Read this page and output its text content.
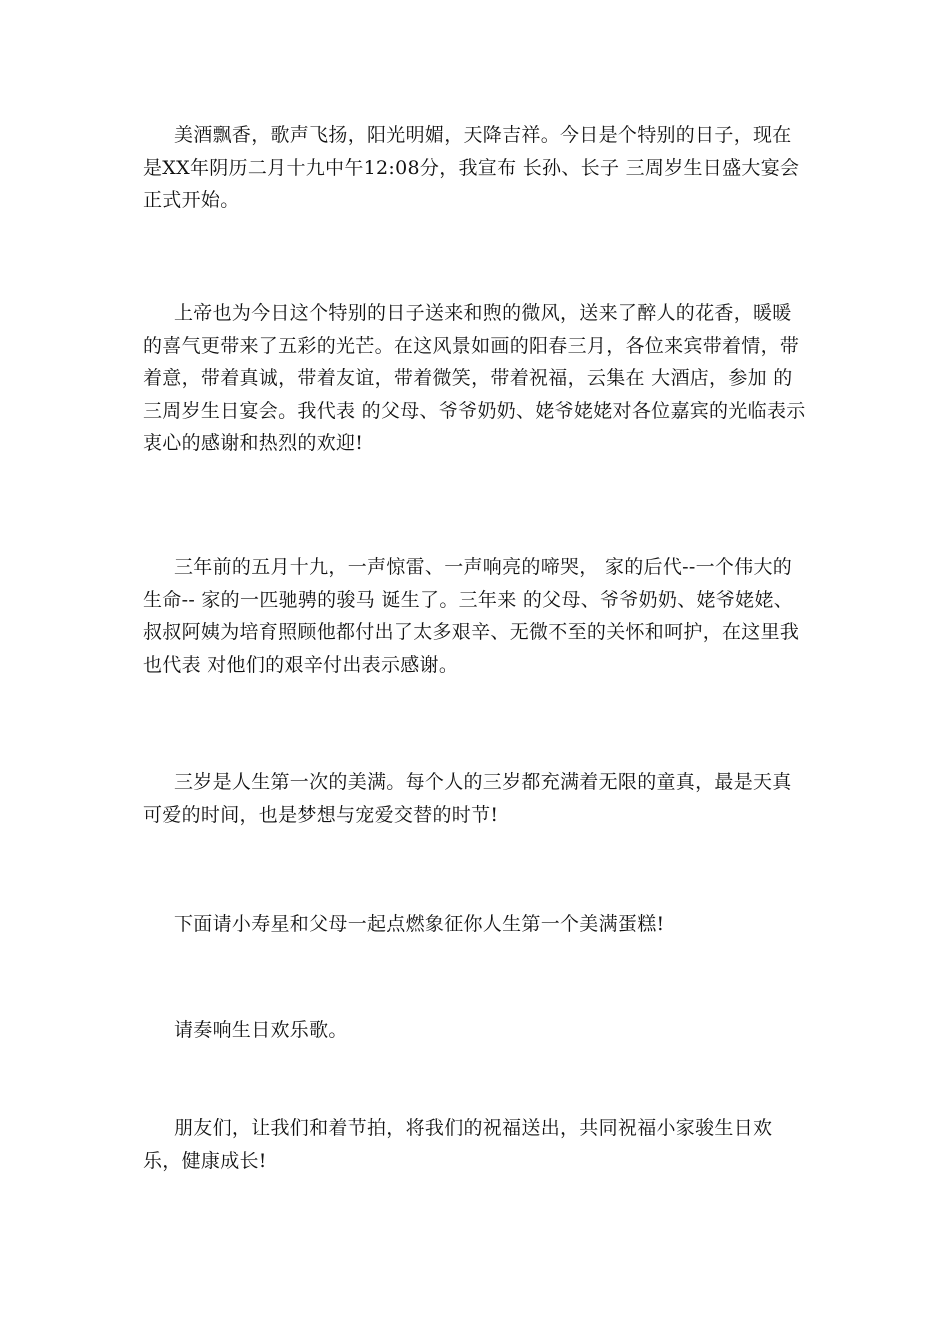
美酒飘香，歌声飞扬，阳光明媚，天降吉祥。今日是个特别的日子，现在是XX年阴历二月十九中午12:08分，我宣布 长孙、长子 三周岁生日盛大宴会正式开始。

上帝也为今日这个特别的日子送来和煦的微风，送来了醉人的花香，暖暖的喜气更带来了五彩的光芒。在这风景如画的阳春三月，各位来宾带着情，带着意，带着真诚，带着友谊，带着微笑，带着祝福，云集在 大酒店，参加 的三周岁生日宴会。我代表 的父母、爷爷奶奶、姥爷姥姥对各位嘉宾的光临表示衷心的感谢和热烈的欢迎!

三年前的五月十九，一声惊雷、一声响亮的啼哭， 家的后代--一个伟大的生命-- 家的一匹驰骋的骏马 诞生了。三年来 的父母、爷爷奶奶、姥爷姥姥、叔叔阿姨为培育照顾他都付出了太多艰辛、无微不至的关怀和呵护，在这里我也代表 对他们的艰辛付出表示感谢。

三岁是人生第一次的美满。每个人的三岁都充满着无限的童真，最是天真可爱的时间，也是梦想与宠爱交替的时节!

下面请小寿星和父母一起点燃象征你人生第一个美满蛋糕!

请奏响生日欢乐歌。

朋友们，让我们和着节拍，将我们的祝福送出，共同祝福小家骏生日欢乐，健康成长!
